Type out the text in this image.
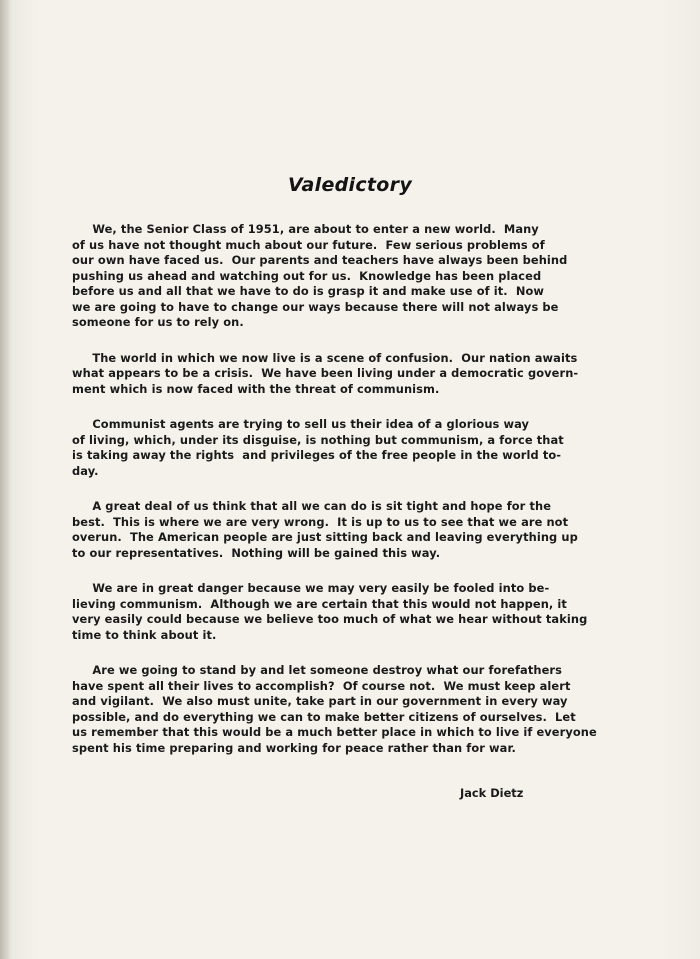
Valedictory
We, the Senior Class of 1951, are about to enter a new world.  Many
of us have not thought much about our future.  Few serious problems of
our own have faced us.  Our parents and teachers have always been behind
pushing us ahead and watching out for us.  Knowledge has been placed
before us and all that we have to do is grasp it and make use of it.  Now
we are going to have to change our ways because there will not always be
someone for us to rely on.
The world in which we now live is a scene of confusion.  Our nation awaits
what appears to be a crisis.  We have been living under a democratic govern-
ment which is now faced with the threat of communism.
Communist agents are trying to sell us their idea of a glorious way
of living, which, under its disguise, is nothing but communism, a force that
is taking away the rights  and privileges of the free people in the world to-
day.
A great deal of us think that all we can do is sit tight and hope for the
best.  This is where we are very wrong.  It is up to us to see that we are not
overun.  The American people are just sitting back and leaving everything up
to our representatives.  Nothing will be gained this way.
We are in great danger because we may very easily be fooled into be-
lieving communism.  Although we are certain that this would not happen, it
very easily could because we believe too much of what we hear without taking
time to think about it.
Are we going to stand by and let someone destroy what our forefathers
have spent all their lives to accomplish?  Of course not.  We must keep alert
and vigilant.  We also must unite, take part in our government in every way
possible, and do everything we can to make better citizens of ourselves.  Let
us remember that this would be a much better place in which to live if everyone
spent his time preparing and working for peace rather than for war.
Jack Dietz
